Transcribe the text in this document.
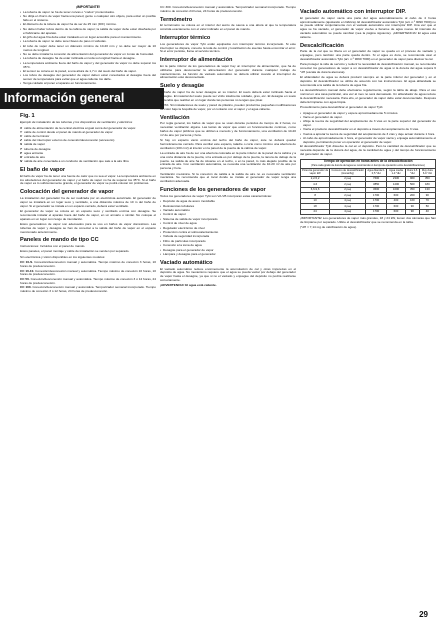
¡IMPORTANTE!
• La tubería de vapor no ha de tener curvas o "codos" pronunciados.
• No dirija el chorro de vapor hacia una pared, gente o cualquier otro objeto, para evitar un posible fallo en el sistema.
• El diámetro de la tobera de vapor ha de ser de 25 mm (DIF) mínimo.
• No deben haber tubos dentro de la cabina de vapor; la salida de vapor debe estar diseñada por el fabricante del aparato.
• El grifo del agua fría debe estar instalado en un lugar accesible para el mantenimiento.
• La tubería de vapor no debe tener llaves de paso ni válvulas.
• El tubo de vapor debe tener un diámetro mínimo de 10-20 mm y no debe ser mayor de 10 metros de longitud.
• No se debe instalar la conexión de alimentación del generador de vapor en zonas de humedad.
• La tubería de desagüe ha de estar inclinada en toda su longitud hacia el desagüe.
• La temperatura ambiente fuera del baño de vapor y del generador de vapor no debe superar los 35°C.
• El sensor se coloca en la pared, a una altura de 1,7 m del suelo del baño de vapor.
• Los tubos de desagüe del generador de vapor deben estar conectados al desagüe fuera del sensor de temperatura para evitar que el agua caliente los dañe.
• Tenga cuidado al poner el aparato en funcionamiento.
Información general
Fig. 1
Ejemplo de instalación de las tuberías y los dispositivos de ventilación y eléctricos
X cable de alimentación de la central eléctrica a igual cerca del generador de vapor.
Y cable de control desde el panel de mando al generador de vapor
V cable del termistor
Z cable del interruptor externo de conexión/desconexión (accesorio)
S salida de vapor
T tubería de desagüe
P agua entrante
R entrada de aire
N salida de aire conectada a un conducto de ventilación que sale a la aire libre
El baño de vapor
El baño de vapor ha de tener una fuente de calor que no sea el vapor. La temperatura ambiente en los alrededores del generador de vapor y el baño de vapor no ha de superar los 35°C. Si el baño de vapor es lo suficientemente grande, el generador de vapor se podrá colocar sin problemas.
Colocación del generador de vapor
La instalación del generador ha de ser realizada por un electricista autorizado. El generador de vapor se instalará en un lugar seco y ventilado, a una distancia máxima de 10 m del baño de vapor. Si el generador se instala en un espacio cerrado, deberá estar ventilado.
El generador de vapor se coloca en un espacio seco y ventilado encima con desagüe. Se recomienda instalar el aparato fuera del baño de vapor, en un armario o similar. No coloque el aparato en un lugar con riesgo de inundación.
Estos generadores de vapor son adecuados para su uso en baños de vapor domésticos. Las tuberías de vapor y desagüe se han de conectar a la salida del baño de vapor en el espacio mencionado anteriormente.
Paneles de mando de tipo CC
Instrucciones: Incluidos con el panel de mando.
Estos paneles, el panel montaje y cable de instalación se venden por separado.
Sin electrónica y visión disponibles en los siguientes modelos:
CC 10-S. Conexión/desconexión manual y automática. Tiempo máximo de conexión 3 horas, 10 horas de predesconexión.
CC 10-10. Conexión/desconexión manual y automática. Tiempo máximo de conexión 10 horas, 10 horas de predesconexión.
CC 50. Conexión/desconexión manual y automática. Tiempo máximo de conexión 3 ó 12 horas, 24 horas de predesconexión.
CC 100. Conexión/desconexión manual y automática. Temporizador semanal incorporado. Tiempo máximo de conexión 3 ó 12 horas, 24 horas de predesconexión.
CC 300. Conexión/desconexión manual y automática. Temporizador semanal incorporado. Tiempo máximo de conexión 24 horas, 24 horas de predesconexión.
Termómetro
El termómetro se coloca en el interior del aunto de sauna a una altura al que la temperatura coincida exactamente con el valor indicado en el panel de mando.
Interruptor térmico
Los generadores de vapor Tylö están equipados con interruptor térmico incorporado. Si este interruptor se dispara, conecte la toda de control y localización de averías hasta encontrar el error. Si el error persiste, llame al servicio técnico.
Interruptor de alimentación
En la parte inferior de los generadores de vapor hay un interruptor de alimentación, que ha de utilizarse para desconectar la alimentación del generador durante cualquier trabajo de mantenimiento. La función de vaciado automático no deberá utilizar cuando el interruptor de alimentación esté desconectado.
Suelo y desagüe
El baño de vapor ha de tener desagüe en su interior. El suelo deberá estar inclinado hacia el desagüe. El material del suelo puede ser vinilo totalmente soldado, gres, etc. El desagüe en suelo se tendrá que realizar en un lugar donde las personas no tengan que pisar.
NOTA: Sin instalaciones de suelo y pared de plástico, pueden producirse pequeñas modificaciones de color bajo la boquilla de vapor, por el contacto con el vapor y el agua caliente.
Ventilación
Por regla general, los baños de vapor que se usan durante periodos de tiempo de 2 horas, no necesitan ventilación alguna. Las lacías de vapor que estén en funcionamiento continuo, como baños de vapor públicos que se utilizan a menudo y de funcionamiento, una ventilación de 10-20 m³ de aire por persona y hora.
Si hay un espacio vacío encima del techo del baño de vapor, éste no deberá quedar herméticamente cerrado. Para ventilar este espacio, taladre o corte como mínimo una abertura de ventilación (100 cm²) al interior en la pared de la puerta de la cabina de vapor.
La entrada de aire ha de ser una abertura colocada en la parte inferior de la pared de la cabina y a una corta distancia de la puerta, si la entrada es por debajo de la puerta, la ranura de debajo de la puerta. La salida de aire ha de situarse en el techo, o en la pared, lo más alejado posible de la entrada de aire. Con ventilación automática, se necesita una ventilación de 10-20 m³ de aire por persona y hora.
Ventilación mecánica. Si la conexión de salida a la salida de aire no es necesaria ventilación mecánica. Se recomienda que el local donde se instale el generador de vapor tenga una ventilación adecuada.
Funciones de los generadores de vapor
Todos los generadores de vapor Tylö son VA-VB incorporan estas características:
• Depósito de agua de acero inoxidable
• Resistencias tubulares
• Vaciado automático
• Control de vapor
• Sistema de salida de vapor incorporado
• Control de nivel de agua
• Regulador electrónico de nivel
• Protección contra el sobrecalentamiento
• Válvula de seguridad incorporada
• Filtro de partículas incorporado
• Conexión a la toma de agua
• Desagüe para el generador de vapor
• Lámpara y desagüe para el generador
Vaciado automático
El vaciado automático reduce enormemente la acumulación de cal y otras impurezas en el depósito de agua. Su mecanismo requiere que el agua se pueda vaciar por debajo del generador de vapor hasta el desagüe, ya que si no el vaciado y enjuague del depósito no podría realizarse correctamente.
¡ADVERTENCIA! El agua está caliente.
Vaciado automático con interruptor DIP.
El generador de vapor vacía una parte del agua automáticamente al cabo de 4 horas aproximadamente (ajustando en fábrica). El descalcificador automático Tylö (art. n.º 9090 7000) no se puede utilizar conjuntamente con el vaciado automático con interruptor DIP. Una vez que el agua se ha vaciado, el generador de vapor vuelve a llenarse de agua nueva. El intervalo de vaciado automático se puede cambiar (vea la página siguiente). ¡ADVERTENCIA! El agua está caliente.
Descalcificación
Parte de la cal que se libera en el generador de vapor se queda en el proceso de vaciado y enjuague, pero también una parte queda dentro. Si el agua es dura, se recomienda usar el descalcificador automático Tylö (art. n.º 9090 7000) en el generador de vapor para disolver la cal.
Para proteger la vida de servicio y reducir la necesidad de descalcificación manual, se recomienda conectar los generadores de vapor a un descalcificador de agua si la dureza del agua supera 6 °dH (escala de dureza alemana).
El ablandador de agua se deberá producir siempre en la parte inferior del generador y en el depósito. El descalcificador se utiliza de acuerdo con las instrucciones. El agua ablandada se recomienda a la salida de la tubería de agua fría.
La descalcificación manual debe efectuarse regularmente, según la tabla de abajo. Para el uso normal en una casa particular, una vez al mes no será demasiado. Un ablandador de agua reduce la descalcificación necesaria. Para ello, el generador de vapor debe estar desconectado. Después deberá limpiarse con agua limpia.
Procedimiento para descalcificar el generador de vapor Tylö:
• Apague el generador de vapor y espere aproximadamente 5 minutos.
• Vacíe el generador de vapor.
• Afloje la tuerca de seguridad del acoplamiento de 3 vías en la parte superior del generador de vapor.
• Vierta el producto descalcificador en el depósito a través del acoplamiento de 3 vías.
• Vuelva a apretar la tuerca de seguridad del acoplamiento de 3 vías y deje actuar durante 1 hora.
• Al cabo de aproximadamente 1 hora, el generador de vapor vacía y enjuaga automáticamente el depósito, permitiendo poner en operación el generador de vapor.
El descalcificador Tylö disuelve la cal en el depósito. Pero la cantidad de descalcificador que se necesita depende de la dureza del agua, de la cantidad de agua y del tiempo de funcionamiento del generador de vapor.
Tiempo de operación en horas antes de la descalcificación
(Para cada grado de dureza del agua se recomienda un tiempo de operación entre descalcificaciones)					
Potencia generador de vapor kW	Consumo de descalcificador (Horas/Kg)	Agua blanda 0-0,5 °dH	Agua media 1-3 °dH	Dura 3-6 °dH	Muy dura 6-9 °dH
2,2-5,2	2 peq	7600	2330	960	350
4-6	2 peq	3850	1200	500	180
6,6-9,6	2 peq	3600	1000	350	130
8	2 peq	1700	600	200	90
10	4 peq	1700	400	160	70
18	4 peq	1700	600	90	50
24	4 peq	1700	600	90	40
¡IMPORTANTE! Los generadores de vapor más grandes, 18 y 24 kW, tienen dos cámaras que han de limpiarse por separado. Utilice el descalcificador que se recomienda en la tabla.
(°dH = 7,14 mg de calcificación de agua).
29
